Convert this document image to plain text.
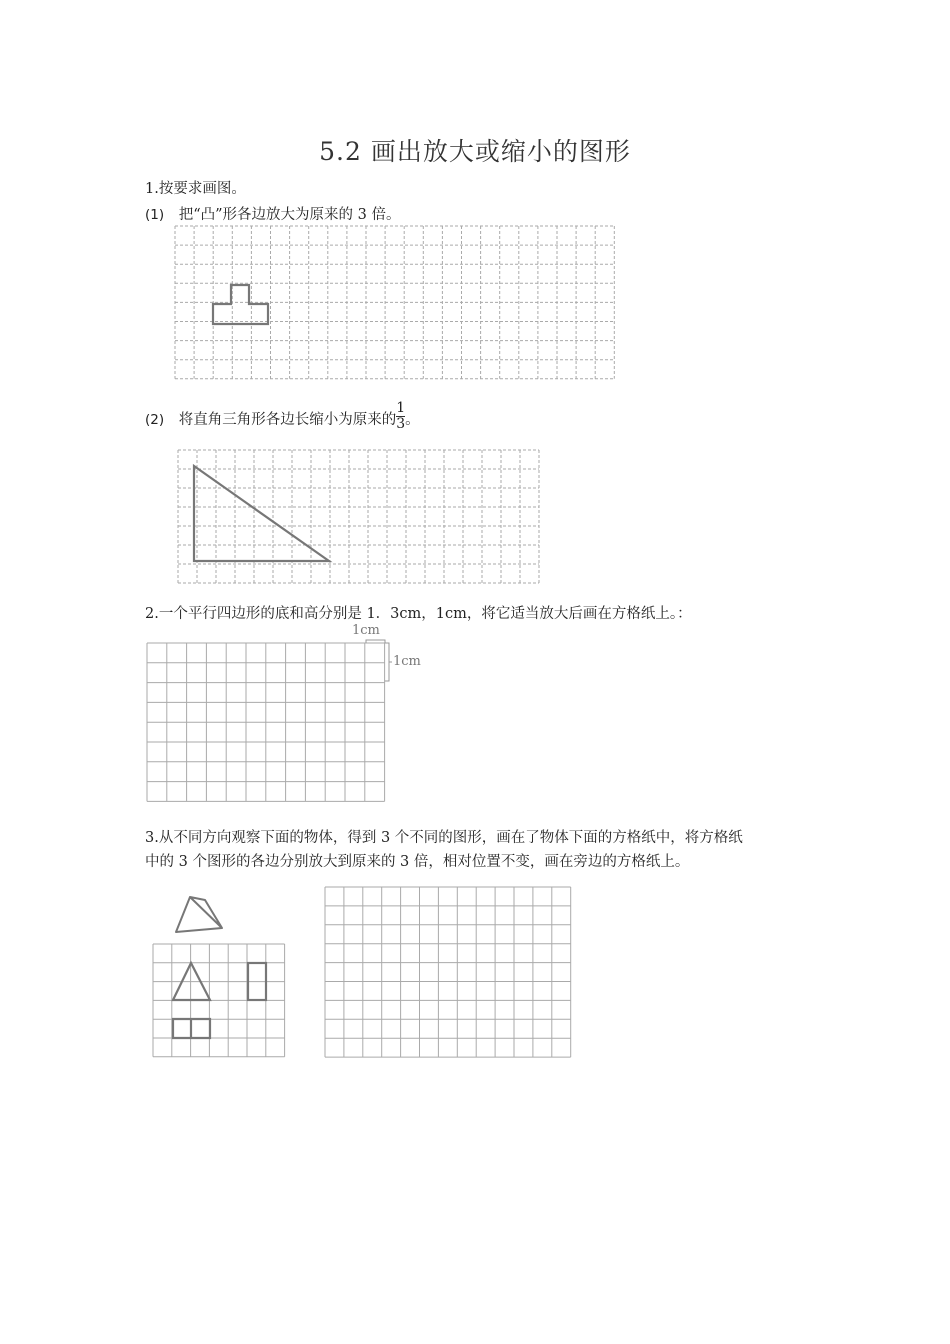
5.2 画出放大或缩小的图形
1.按要求画图。
(1) 把“凸”形各边放大为原来的 3 倍。
(2) 将直角三角形各边长缩小为原来的 $\frac{1}{3}$ 。
2.一个平行四边形的底和高分别是 1．3cm，1cm，将它适当放大后画在方格纸上。：
1cm
1cm
3.从不同方向观察下面的物体，得到 3 个不同的图形，画在了物体下面的方格纸中，将方格纸
中的 3 个图形的各边分别放大到原来的 3 倍，相对位置不变，画在旁边的方格纸上。
